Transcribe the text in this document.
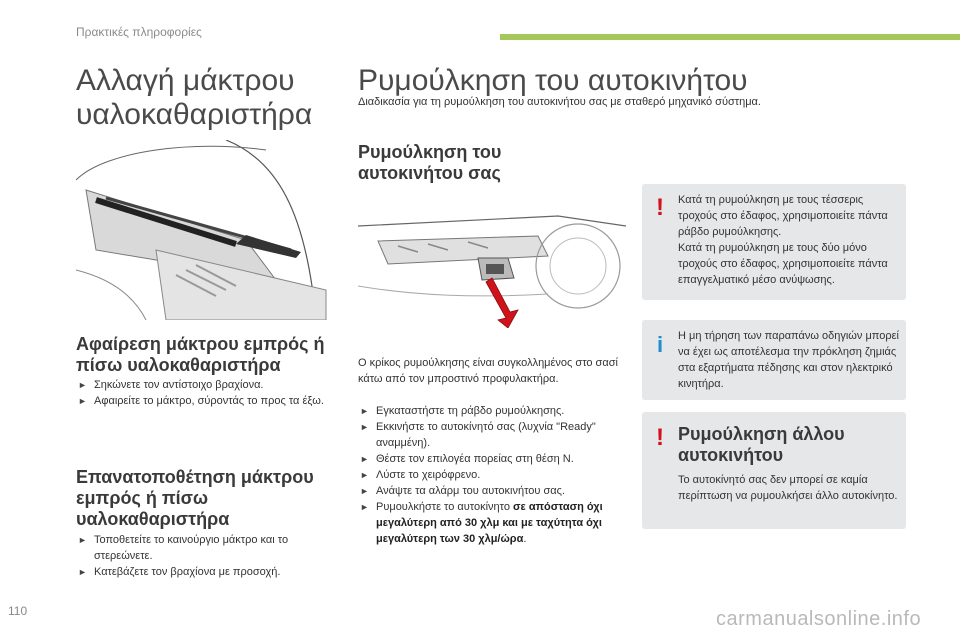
Πρακτικές πληροφορίες
Αλλαγή μάκτρου υαλοκαθαριστήρα
Αφαίρεση μάκτρου εμπρός ή πίσω υαλοκαθαριστήρα
► Σηκώνετε τον αντίστοιχο βραχίονα.
► Αφαιρείτε το μάκτρο, σύροντάς το προς τα έξω.
Επανατοποθέτηση μάκτρου εμπρός ή πίσω υαλοκαθαριστήρα
► Τοποθετείτε το καινούργιο μάκτρο και το στερεώνετε.
► Κατεβάζετε τον βραχίονα με προσοχή.
Ρυμούλκηση του αυτοκινήτου
Διαδικασία για τη ρυμούλκηση του αυτοκινήτου σας με σταθερό μηχανικό σύστημα.
Ρυμούλκηση του αυτοκινήτου σας
Ο κρίκος ρυμούλκησης είναι συγκολλημένος στο σασί κάτω από τον μπροστινό προφυλακτήρα.
► Εγκαταστήστε τη ράβδο ρυμούλκησης.
► Εκκινήστε το αυτοκίνητό σας (λυχνία "Ready" αναμμένη).
► Θέστε τον επιλογέα πορείας στη θέση N.
► Λύστε το χειρόφρενο.
► Ανάψτε τα αλάρμ του αυτοκινήτου σας.
► Ρυμουλκήστε το αυτοκίνητο σε απόσταση όχι μεγαλύτερη από 30 χλμ και με ταχύτητα όχι μεγαλύτερη των 30 χλμ/ώρα.
!	Κατά τη ρυμούλκηση με τους τέσσερις τροχούς στο έδαφος, χρησιμοποιείτε πάντα ράβδο ρυμούλκησης.
Κατά τη ρυμούλκηση με τους δύο μόνο τροχούς στο έδαφος, χρησιμοποιείτε πάντα επαγγελματικό μέσο ανύψωσης.
i	Η μη τήρηση των παραπάνω οδηγιών μπορεί να έχει ως αποτέλεσμα την πρόκληση ζημιάς στα εξαρτήματα πέδησης και στον ηλεκτρικό κινητήρα.
! Ρυμούλκηση άλλου αυτοκινήτου
Το αυτοκίνητό σας δεν μπορεί σε καμία περίπτωση να ρυμουλκήσει άλλο αυτοκίνητο.
110	carmanualsonline.info
